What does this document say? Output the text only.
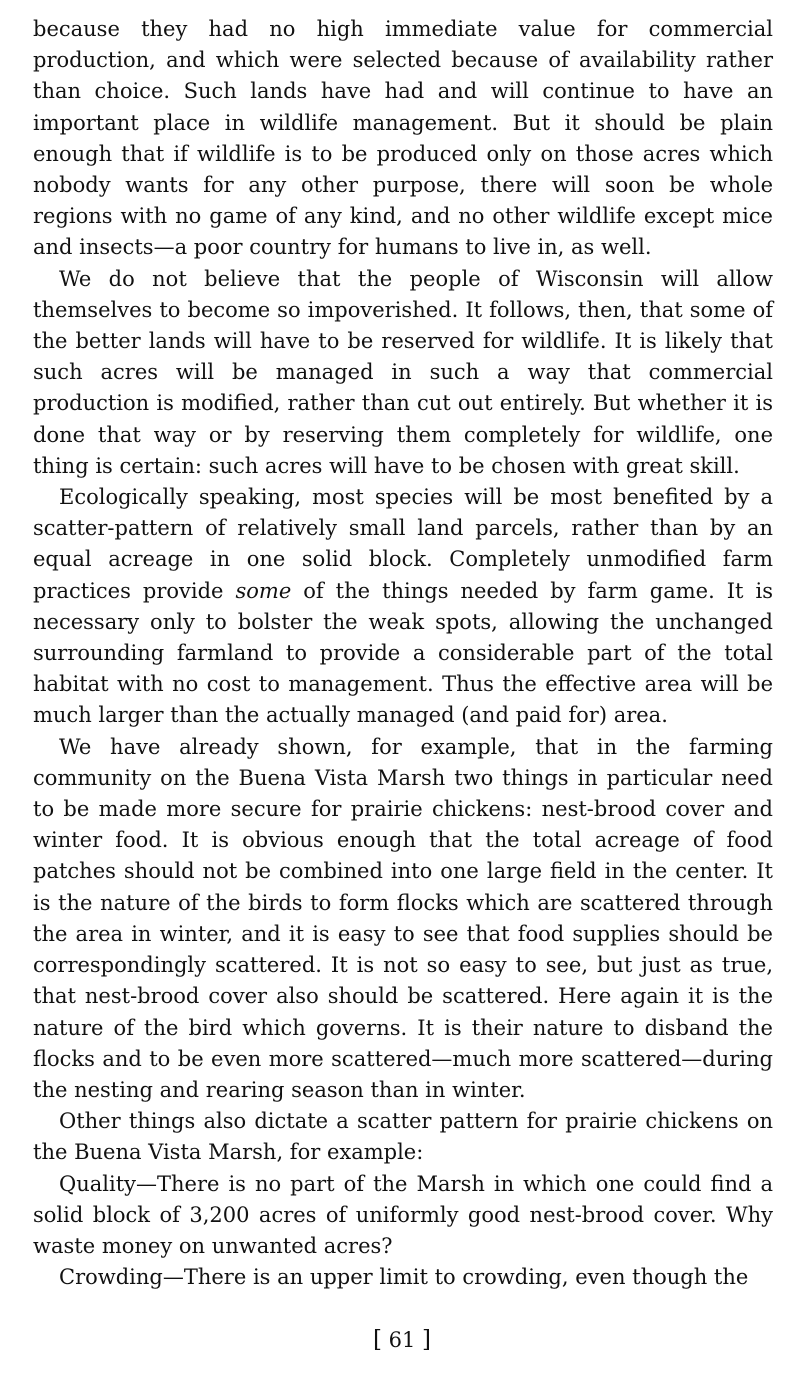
because they had no high immediate value for commercial production, and which were selected because of availability rather than choice. Such lands have had and will continue to have an important place in wildlife management. But it should be plain enough that if wildlife is to be produced only on those acres which nobody wants for any other purpose, there will soon be whole regions with no game of any kind, and no other wildlife except mice and insects—a poor country for humans to live in, as well.

We do not believe that the people of Wisconsin will allow themselves to become so impoverished. It follows, then, that some of the better lands will have to be reserved for wildlife. It is likely that such acres will be managed in such a way that commercial production is modified, rather than cut out entirely. But whether it is done that way or by reserving them completely for wildlife, one thing is certain: such acres will have to be chosen with great skill.

Ecologically speaking, most species will be most benefited by a scatter-pattern of relatively small land parcels, rather than by an equal acreage in one solid block. Completely unmodified farm practices provide some of the things needed by farm game. It is necessary only to bolster the weak spots, allowing the unchanged surrounding farmland to provide a considerable part of the total habitat with no cost to management. Thus the effective area will be much larger than the actually managed (and paid for) area.

We have already shown, for example, that in the farming community on the Buena Vista Marsh two things in particular need to be made more secure for prairie chickens: nest-brood cover and winter food. It is obvious enough that the total acreage of food patches should not be combined into one large field in the center. It is the nature of the birds to form flocks which are scattered through the area in winter, and it is easy to see that food supplies should be correspondingly scattered. It is not so easy to see, but just as true, that nest-brood cover also should be scattered. Here again it is the nature of the bird which governs. It is their nature to disband the flocks and to be even more scattered—much more scattered—during the nesting and rearing season than in winter.

Other things also dictate a scatter pattern for prairie chickens on the Buena Vista Marsh, for example:

Quality—There is no part of the Marsh in which one could find a solid block of 3,200 acres of uniformly good nest-brood cover. Why waste money on unwanted acres?

Crowding—There is an upper limit to crowding, even though the

[ 61 ]
